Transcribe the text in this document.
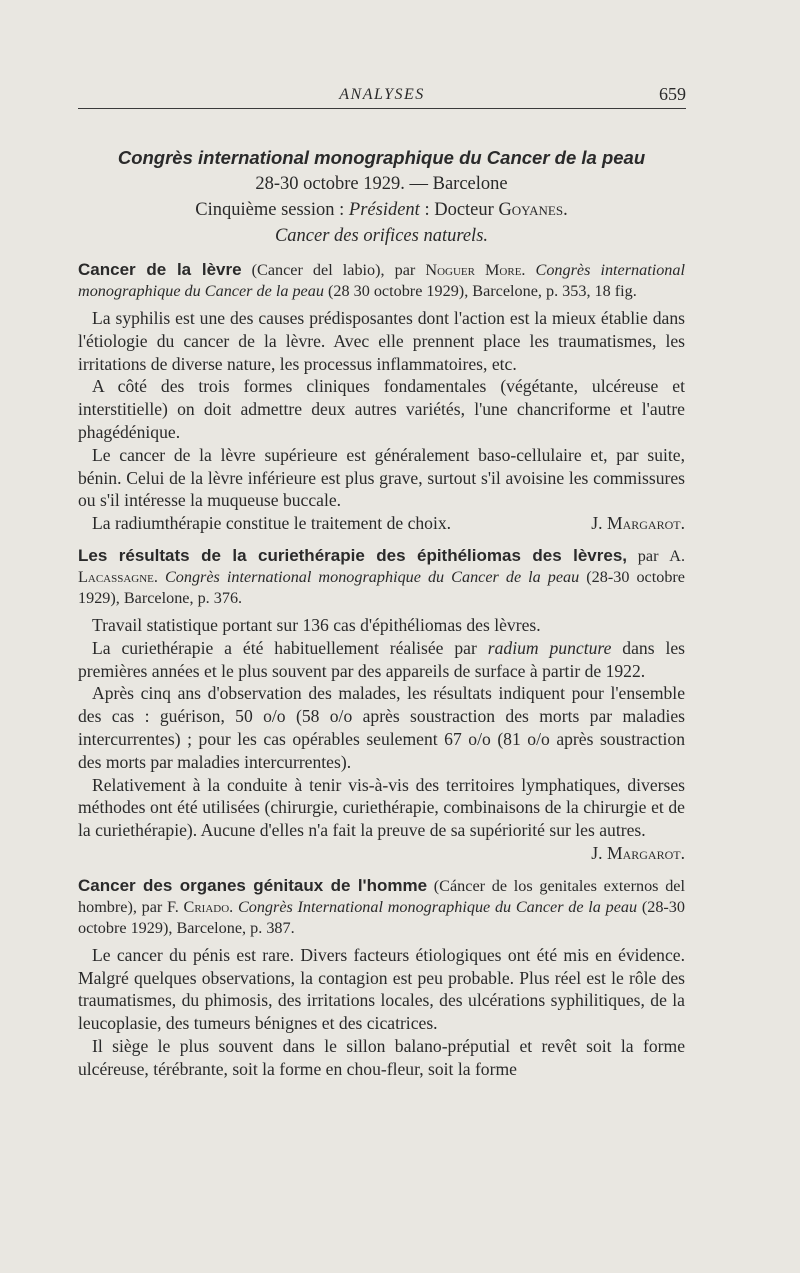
ANALYSES	659
Congrès international monographique du Cancer de la peau
28-30 octobre 1929. — Barcelone
Cinquième session : Président : Docteur Goyanes.
Cancer des orifices naturels.
Cancer de la lèvre (Cancer del labio), par Noguer More. Congrès international monographique du Cancer de la peau (28 30 octobre 1929), Barcelone, p. 353, 18 fig.

La syphilis est une des causes prédisposantes dont l'action est la mieux établie dans l'étiologie du cancer de la lèvre. Avec elle prennent place les traumatismes, les irritations de diverse nature, les processus inflammatoires, etc.

A côté des trois formes cliniques fondamentales (végétante, ulcéreuse et interstitielle) on doit admettre deux autres variétés, l'une chancriforme et l'autre phagédénique.

Le cancer de la lèvre supérieure est généralement baso-cellulaire et, par suite, bénin. Celui de la lèvre inférieure est plus grave, surtout s'il avoisine les commissures ou s'il intéresse la muqueuse buccale.

La radiumthérapie constitue le traitement de choix.	J. Margarot.

Les résultats de la curiethérapie des épithéliomas des lèvres, par A. Lacassagne. Congrès international monographique du Cancer de la peau (28-30 octobre 1929), Barcelone, p. 376.

Travail statistique portant sur 136 cas d'épithéliomas des lèvres.

La curiethérapie a été habituellement réalisée par radium puncture dans les premières années et le plus souvent par des appareils de surface à partir de 1922.

Après cinq ans d'observation des malades, les résultats indiquent pour l'ensemble des cas : guérison, 50 o/o (58 o/o après soustraction des morts par maladies intercurrentes) ; pour les cas opérables seulement 67 o/o (81 o/o après soustraction des morts par maladies intercurrentes).

Relativement à la conduite à tenir vis-à-vis des territoires lymphatiques, diverses méthodes ont été utilisées (chirurgie, curiethérapie, combinaisons de la chirurgie et de la curiethérapie). Aucune d'elles n'a fait la preuve de sa supériorité sur les autres.
J. Margarot.

Cancer des organes génitaux de l'homme (Cáncer de los genitales externos del hombre), par F. Criado. Congrès International monographique du Cancer de la peau (28-30 octobre 1929), Barcelone, p. 387.

Le cancer du pénis est rare. Divers facteurs étiologiques ont été mis en évidence. Malgré quelques observations, la contagion est peu probable. Plus réel est le rôle des traumatismes, du phimosis, des irritations locales, des ulcérations syphilitiques, de la leucoplasie, des tumeurs bénignes et des cicatrices.

Il siège le plus souvent dans le sillon balano-préputial et revêt soit la forme ulcéreuse, térébrante, soit la forme en chou-fleur, soit la forme
